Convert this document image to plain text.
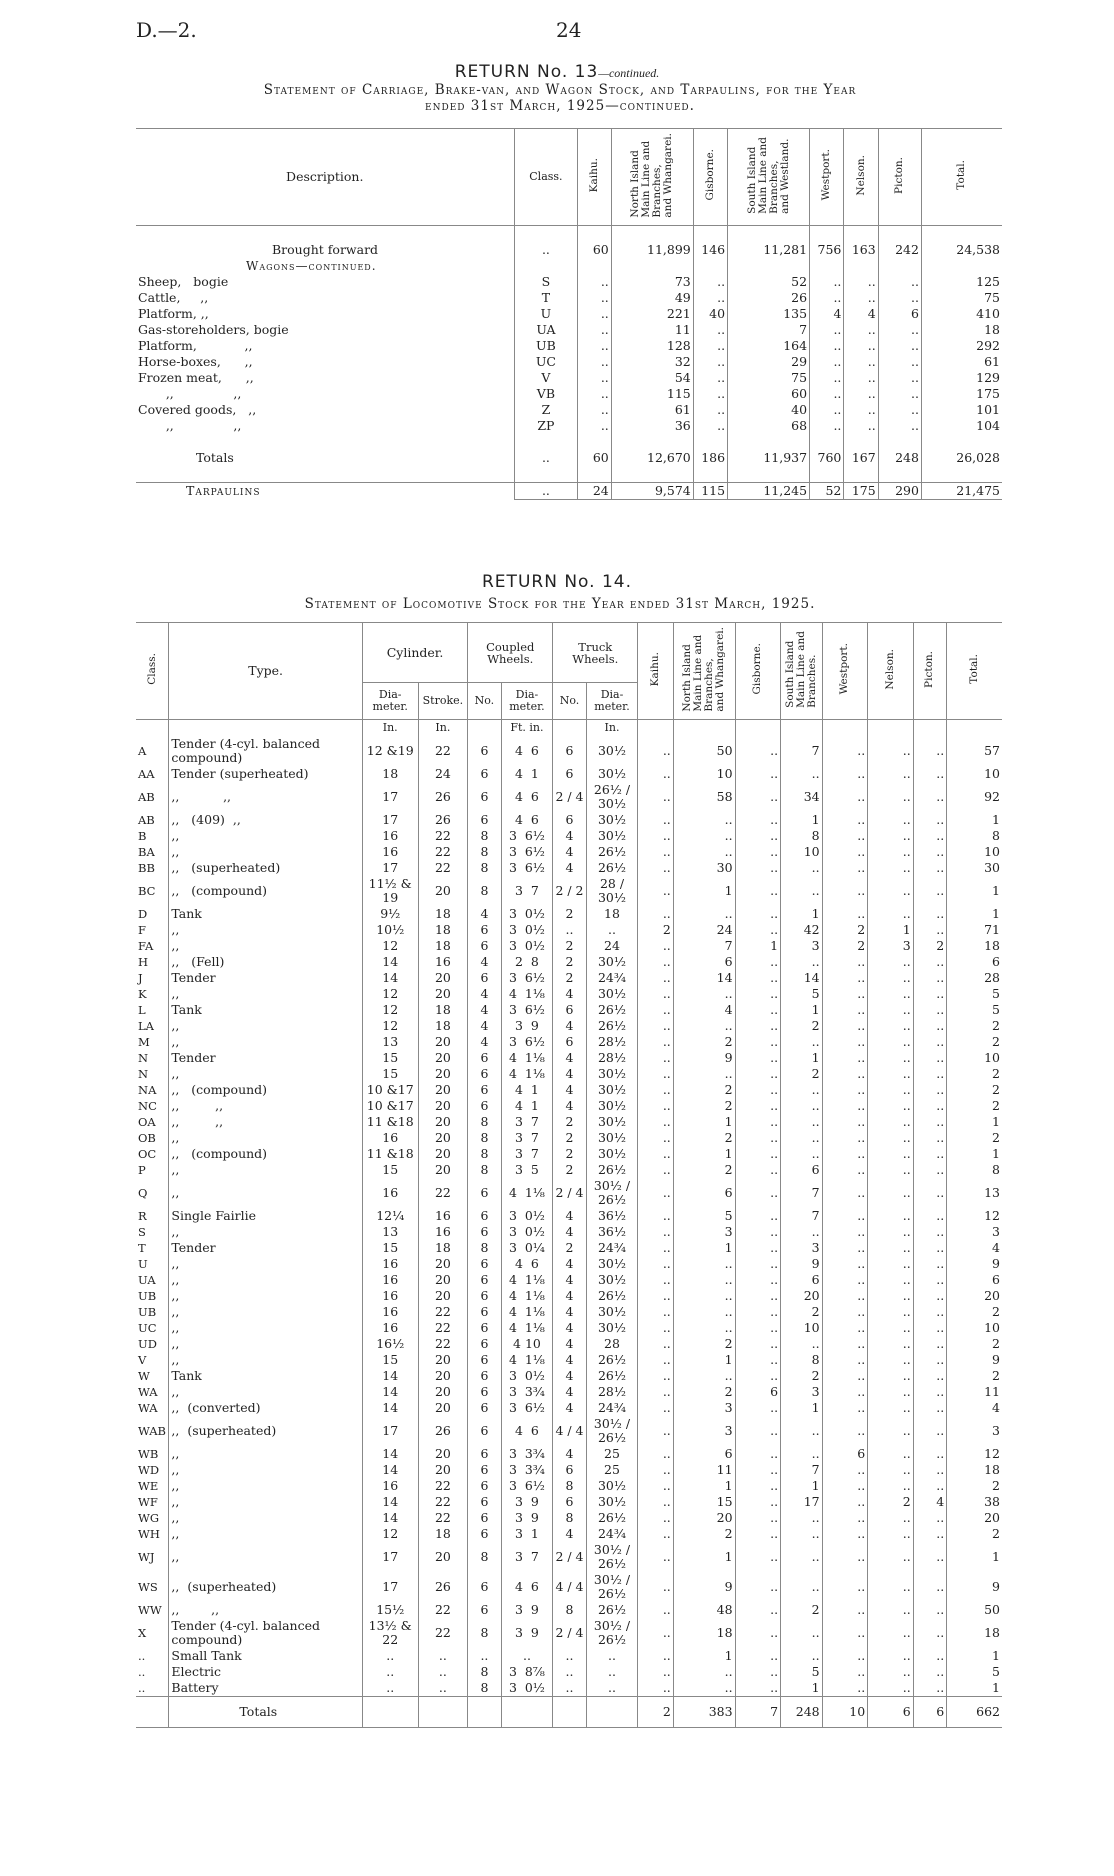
D.—2.	24
RETURN No. 13—continued.
Statement of Carriage, Brake-van, and Wagon Stock, and Tarpaulins, for the Year
ended 31st March, 1925—continued.
Description.	Class.	Kaihu.	North Island
Main Line and
Branches,
and Whangarei.	Gisborne.	South Island
Main Line and
Branches,
and Westland.	Westport.	Nelson.	Picton.	Total.

Brought forward	..	60	11,899	146	11,281	756	163	242	24,538
Wagons—continued.									
Sheep,   bogie	S	..	73	..	52	..	..	..	125
Cattle,     ,,	T	..	49	..	26	..	..	..	75
Platform, ,,	U	..	221	40	135	4	4	6	410
Gas-storeholders, bogie	UA	..	11	..	7	..	..	..	18
Platform,            ,,	UB	..	128	..	164	..	..	..	292
Horse-boxes,      ,,	UC	..	32	..	29	..	..	..	61
Frozen meat,      ,,	V	..	54	..	75	..	..	..	129
,,               ,,	VB	..	115	..	60	..	..	..	175
Covered goods,   ,,	Z	..	61	..	40	..	..	..	101
,,               ,,	ZP	..	36	..	68	..	..	..	104

Totals	..	60	12,670	186	11,937	760	167	248	26,028

Tarpaulins	..	24	9,574	115	11,245	52	175	290	21,475
RETURN No. 14.
Statement of Locomotive Stock for the Year ended 31st March, 1925.
Class.	Type.	Cylinder.		Coupled Wheels.		Truck Wheels.		Kaihu.	North Island
Main Line and
Branches,
and Whangarei.	Gisborne.	South Island
Main Line and
Branches.	Westport.	Nelson.	Picton.	Total.
		Dia-
meter.	Stroke.	No.	Dia-
meter.	No.	Dia-
meter.								
		In.	In.		Ft. in.		In.								
A	Tender (4-cyl. balanced compound)	12 &19	22	6	4  6	6	30½	..	50	..	7	..	..	..	57
AA	Tender (superheated)	18	24	6	4  1	6	30½	..	10	..	..	..	..	..	10
AB	,,           ,,	17	26	6	4  6	2 / 4	26½ / 30½	..	58	..	34	..	..	..	92
AB	,,   (409)  ,,	17	26	6	4  6	6	30½	..	..	..	1	..	..	..	1
B	,,	16	22	8	3  6½	4	30½	..	..	..	8	..	..	..	8
BA	,,	16	22	8	3  6½	4	26½	..	..	..	10	..	..	..	10
BB	,,   (superheated)	17	22	8	3  6½	4	26½	..	30	..	..	..	..	..	30
BC	,,   (compound)	11½ & 19	20	8	3  7	2 / 2	28 / 30½	..	1	..	..	..	..	..	1
D	Tank	9½	18	4	3  0½	2	18	..	..	..	1	..	..	..	1
F	,,	10½	18	6	3  0½	..	..	2	24	..	42	2	1	..	71
FA	,,	12	18	6	3  0½	2	24	..	7	1	3	2	3	2	18
H	,,   (Fell)	14	16	4	2  8	2	30½	..	6	..	..	..	..	..	6
J	Tender	14	20	6	3  6½	2	24¾	..	14	..	14	..	..	..	28
K	,,	12	20	4	4  1⅛	4	30½	..	..	..	5	..	..	..	5
L	Tank	12	18	4	3  6½	6	26½	..	4	..	1	..	..	..	5
LA	,,	12	18	4	3  9	4	26½	..	..	..	2	..	..	..	2
M	,,	13	20	4	3  6½	6	28½	..	2	..	..	..	..	..	2
N	Tender	15	20	6	4  1⅛	4	28½	..	9	..	1	..	..	..	10
N	,,	15	20	6	4  1⅛	4	30½	..	..	..	2	..	..	..	2
NA	,,   (compound)	10 &17	20	6	4  1	4	30½	..	2	..	..	..	..	..	2
NC	,,         ,,	10 &17	20	6	4  1	4	30½	..	2	..	..	..	..	..	2
OA	,,         ,,	11 &18	20	8	3  7	2	30½	..	1	..	..	..	..	..	1
OB	,,	16	20	8	3  7	2	30½	..	2	..	..	..	..	..	2
OC	,,   (compound)	11 &18	20	8	3  7	2	30½	..	1	..	..	..	..	..	1
P	,,	15	20	8	3  5	2	26½	..	2	..	6	..	..	..	8
Q	,,	16	22	6	4  1⅛	2 / 4	30½ / 26½	..	6	..	7	..	..	..	13
R	Single Fairlie	12¼	16	6	3  0½	4	36½	..	5	..	7	..	..	..	12
S	,,	13	16	6	3  0½	4	36½	..	3	..	..	..	..	..	3
T	Tender	15	18	8	3  0¼	2	24¾	..	1	..	3	..	..	..	4
U	,,	16	20	6	4  6	4	30½	..	..	..	9	..	..	..	9
UA	,,	16	20	6	4  1⅛	4	30½	..	..	..	6	..	..	..	6
UB	,,	16	20	6	4  1⅛	4	26½	..	..	..	20	..	..	..	20
UB	,,	16	22	6	4  1⅛	4	30½	..	..	..	2	..	..	..	2
UC	,,	16	22	6	4  1⅛	4	30½	..	..	..	10	..	..	..	10
UD	,,	16½	22	6	4 10	4	28	..	2	..	..	..	..	..	2
V	,,	15	20	6	4  1⅛	4	26½	..	1	..	8	..	..	..	9
W	Tank	14	20	6	3  0½	4	26½	..	..	..	2	..	..	..	2
WA	,,	14	20	6	3  3¾	4	28½	..	2	6	3	..	..	..	11
WA	,,  (converted)	14	20	6	3  6½	4	24¾	..	3	..	1	..	..	..	4
WAB	,,  (superheated)	17	26	6	4  6	4 / 4	30½ / 26½	..	3	..	..	..	..	..	3
WB	,,	14	20	6	3  3¾	4	25	..	6	..	..	6	..	..	12
WD	,,	14	20	6	3  3¾	6	25	..	11	..	7	..	..	..	18
WE	,,	16	22	6	3  6½	8	30½	..	1	..	1	..	..	..	2
WF	,,	14	22	6	3  9	6	30½	..	15	..	17	..	2	4	38
WG	,,	14	22	6	3  9	8	26½	..	20	..	..	..	..	..	20
WH	,,	12	18	6	3  1	4	24¾	..	2	..	..	..	..	..	2
WJ	,,	17	20	8	3  7	2 / 4	30½ / 26½	..	1	..	..	..	..	..	1
WS	,,  (superheated)	17	26	6	4  6	4 / 4	30½ / 26½	..	9	..	..	..	..	..	9
WW	,,        ,,	15½	22	6	3  9	8	26½	..	48	..	2	..	..	..	50
X	Tender (4-cyl. balanced compound)	13½ & 22	22	8	3  9	2 / 4	30½ / 26½	..	18	..	..	..	..	..	18
..	Small Tank	..	..	..	..	..	..	..	1	..	..	..	..	..	1
..	Electric	..	..	8	3  8⅞	..	..	..	..	..	5	..	..	..	5
..	Battery	..	..	8	3  0½	..	..	..	..	..	1	..	..	..	1
	Totals							2	383	7	248	10	6	6	662
